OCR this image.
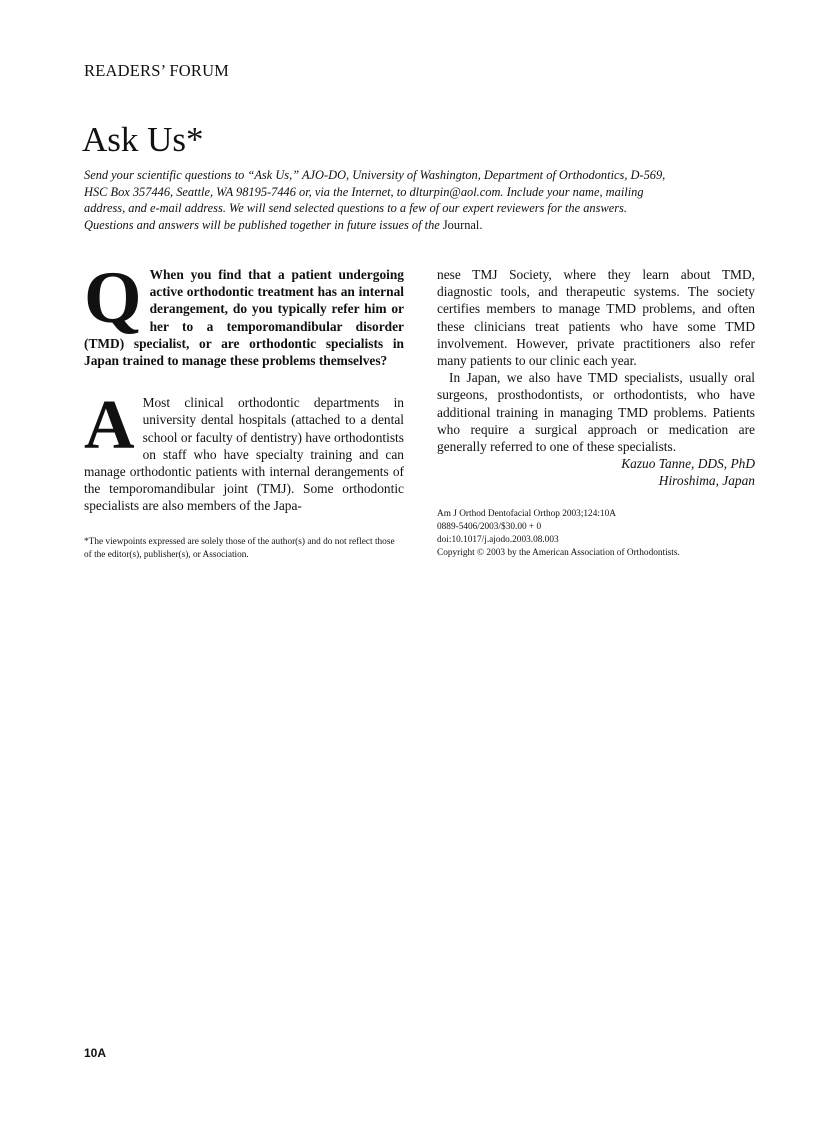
READERS’ FORUM
Ask Us*
Send your scientific questions to “Ask Us,” AJO-DO, University of Washington, Department of Orthodontics, D-569, HSC Box 357446, Seattle, WA 98195-7446 or, via the Internet, to dlturpin@aol.com. Include your name, mailing address, and e-mail address. We will send selected questions to a few of our expert reviewers for the answers. Questions and answers will be published together in future issues of the Journal.
Q When you find that a patient undergoing active orthodontic treatment has an internal derangement, do you typically refer him or her to a temporomandibular disorder (TMD) specialist, or are orthodontic specialists in Japan trained to manage these problems themselves?

A Most clinical orthodontic departments in university dental hospitals (attached to a dental school or faculty of dentistry) have orthodontists on staff who have specialty training and can manage orthodontic patients with internal derangements of the temporomandibular joint (TMJ). Some orthodontic specialists are also members of the Japa-

*The viewpoints expressed are solely those of the author(s) and do not reflect those of the editor(s), publisher(s), or Association.

nese TMJ Society, where they learn about TMD, diagnostic tools, and therapeutic systems. The society certifies members to manage TMD problems, and often these clinicians treat patients who have some TMD involvement. However, private practitioners also refer many patients to our clinic each year.

In Japan, we also have TMD specialists, usually oral surgeons, prosthodontists, or orthodontists, who have additional training in managing TMD problems. Patients who require a surgical approach or medication are generally referred to one of these specialists.

Kazuo Tanne, DDS, PhD
Hiroshima, Japan
Am J Orthod Dentofacial Orthop 2003;124:10A
0889-5406/2003/$30.00 + 0
doi:10.1017/j.ajodo.2003.08.003
Copyright © 2003 by the American Association of Orthodontists.
10A
